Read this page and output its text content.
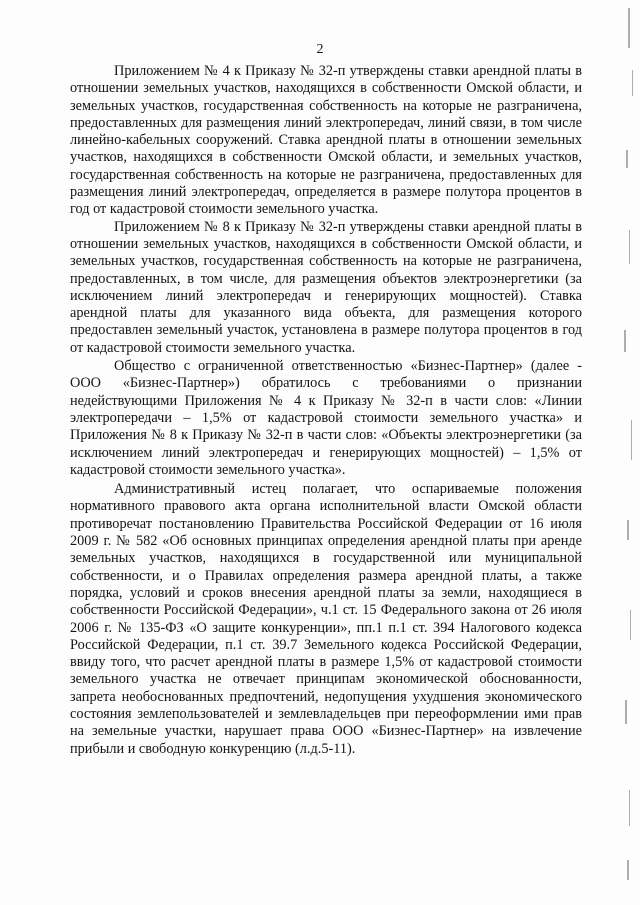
2

Приложением № 4 к Приказу № 32-п утверждены ставки арендной платы в отношении земельных участков, находящихся в собственности Омской области, и земельных участков, государственная собственность на которые не разграничена, предоставленных для размещения линий электропередач, линий связи, в том числе линейно-кабельных сооружений. Ставка арендной платы в отношении земельных участков, находящихся в собственности Омской области, и земельных участков, государственная собственность на которые не разграничена, предоставленных для размещения линий электропередач, определяется в размере полутора процентов в год от кадастровой стоимости земельного участка.

Приложением № 8 к Приказу № 32-п утверждены ставки арендной платы в отношении земельных участков, находящихся в собственности Омской области, и земельных участков, государственная собственность на которые не разграничена, предоставленных, в том числе, для размещения объектов электроэнергетики (за исключением линий электропередач и генерирующих мощностей). Ставка арендной платы для указанного вида объекта, для размещения которого предоставлен земельный участок, установлена в размере полутора процентов в год от кадастровой стоимости земельного участка.

Общество с ограниченной ответственностью «Бизнес-Партнер» (далее - ООО «Бизнес-Партнер») обратилось с требованиями о признании недействующими Приложения № 4 к Приказу № 32-п в части слов: «Линии электропередачи – 1,5% от кадастровой стоимости земельного участка» и Приложения № 8 к Приказу № 32-п в части слов: «Объекты электроэнергетики (за исключением линий электропередач и генерирующих мощностей) – 1,5% от кадастровой стоимости земельного участка».

Административный истец полагает, что оспариваемые положения нормативного правового акта органа исполнительной власти Омской области противоречат постановлению Правительства Российской Федерации от 16 июля 2009 г. № 582 «Об основных принципах определения арендной платы при аренде земельных участков, находящихся в государственной или муниципальной собственности, и о Правилах определения размера арендной платы, а также порядка, условий и сроков внесения арендной платы за земли, находящиеся в собственности Российской Федерации», ч.1 ст. 15 Федерального закона от 26 июля 2006 г. № 135-ФЗ «О защите конкуренции», пп.1 п.1 ст. 394 Налогового кодекса Российской Федерации, п.1 ст. 39.7 Земельного кодекса Российской Федерации, ввиду того, что расчет арендной платы в размере 1,5% от кадастровой стоимости земельного участка не отвечает принципам экономической обоснованности, запрета необоснованных предпочтений, недопущения ухудшения экономического состояния землепользователей и землевладельцев при переоформлении ими прав на земельные участки, нарушает права ООО «Бизнес-Партнер» на извлечение прибыли и свободную конкуренцию (л.д.5-11).
